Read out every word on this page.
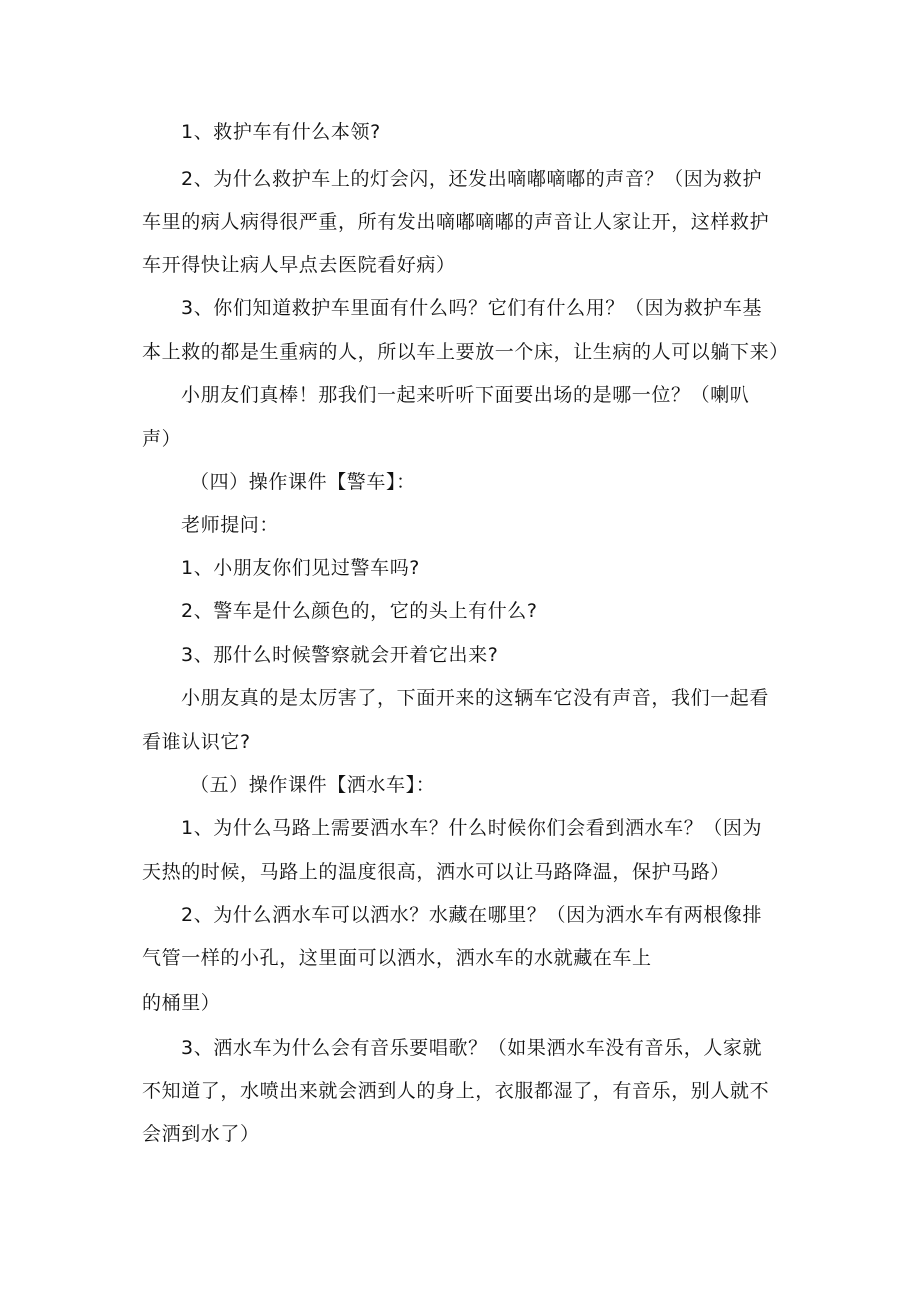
1、救护车有什么本领?
2、为什么救护车上的灯会闪，还发出嘀嘟嘀嘟的声音？（因为救护
车里的病人病得很严重，所有发出嘀嘟嘀嘟的声音让人家让开，这样救护
车开得快让病人早点去医院看好病）
3、你们知道救护车里面有什么吗？它们有什么用？（因为救护车基
本上救的都是生重病的人，所以车上要放一个床，让生病的人可以躺下来）
小朋友们真棒！那我们一起来听听下面要出场的是哪一位？（喇叭
声）
（四）操作课件【警车】：
老师提问：
1、小朋友你们见过警车吗?
2、警车是什么颜色的，它的头上有什么?
3、那什么时候警察就会开着它出来?
小朋友真的是太厉害了，下面开来的这辆车它没有声音，我们一起看
看谁认识它?
（五）操作课件【洒水车】：
1、为什么马路上需要洒水车？什么时候你们会看到洒水车？（因为
天热的时候，马路上的温度很高，洒水可以让马路降温，保护马路）
2、为什么洒水车可以洒水？水藏在哪里？（因为洒水车有两根像排
气管一样的小孔，这里面可以洒水，洒水车的水就藏在车上
的桶里）
3、洒水车为什么会有音乐要唱歌？（如果洒水车没有音乐，人家就
不知道了，水喷出来就会洒到人的身上，衣服都湿了，有音乐，别人就不
会洒到水了）
